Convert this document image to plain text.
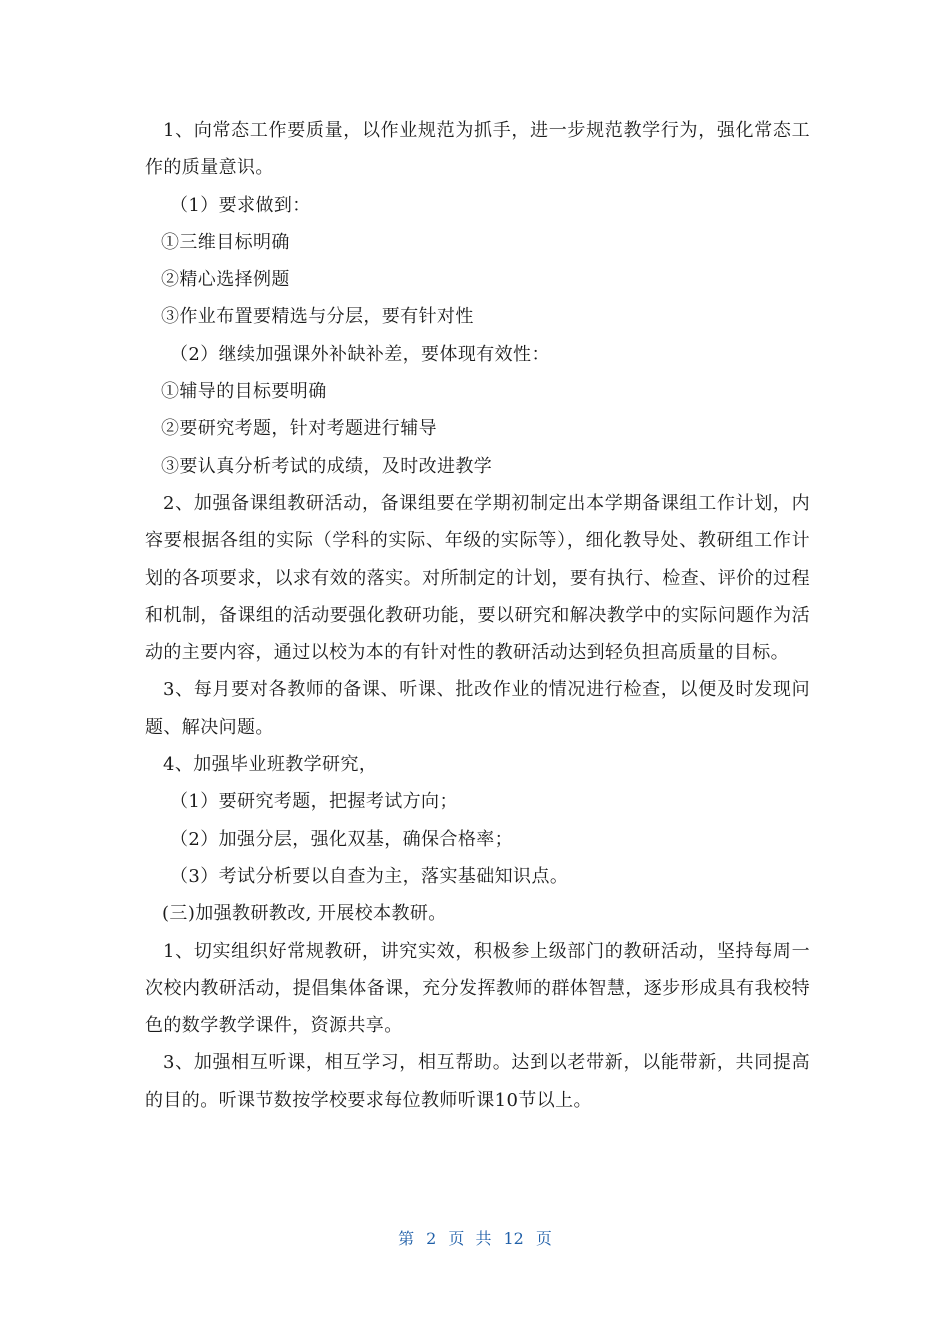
1、向常态工作要质量，以作业规范为抓手，进一步规范教学行为，强化常态工作的质量意识。

（1）要求做到：

①三维目标明确

②精心选择例题

③作业布置要精选与分层，要有针对性

（2）继续加强课外补缺补差，要体现有效性：

①辅导的目标要明确

②要研究考题，针对考题进行辅导

③要认真分析考试的成绩，及时改进教学

2、加强备课组教研活动，备课组要在学期初制定出本学期备课组工作计划，内容要根据各组的实际（学科的实际、年级的实际等），细化教导处、教研组工作计划的各项要求，以求有效的落实。对所制定的计划，要有执行、检查、评价的过程和机制，备课组的活动要强化教研功能，要以研究和解决教学中的实际问题作为活动的主要内容，通过以校为本的有针对性的教研活动达到轻负担高质量的目标。

3、每月要对各教师的备课、听课、批改作业的情况进行检查，以便及时发现问题、解决问题。

4、加强毕业班教学研究，

（1）要研究考题，把握考试方向；

（2）加强分层，强化双基，确保合格率；

（3）考试分析要以自查为主，落实基础知识点。

(三)加强教研教改, 开展校本教研。

1、切实组织好常规教研，讲究实效，积极参上级部门的教研活动，坚持每周一次校内教研活动，提倡集体备课，充分发挥教师的群体智慧，逐步形成具有我校特色的数学教学课件，资源共享。

3、加强相互听课，相互学习，相互帮助。达到以老带新，以能带新，共同提高的目的。听课节数按学校要求每位教师听课10节以上。

第 2 页 共 12 页
